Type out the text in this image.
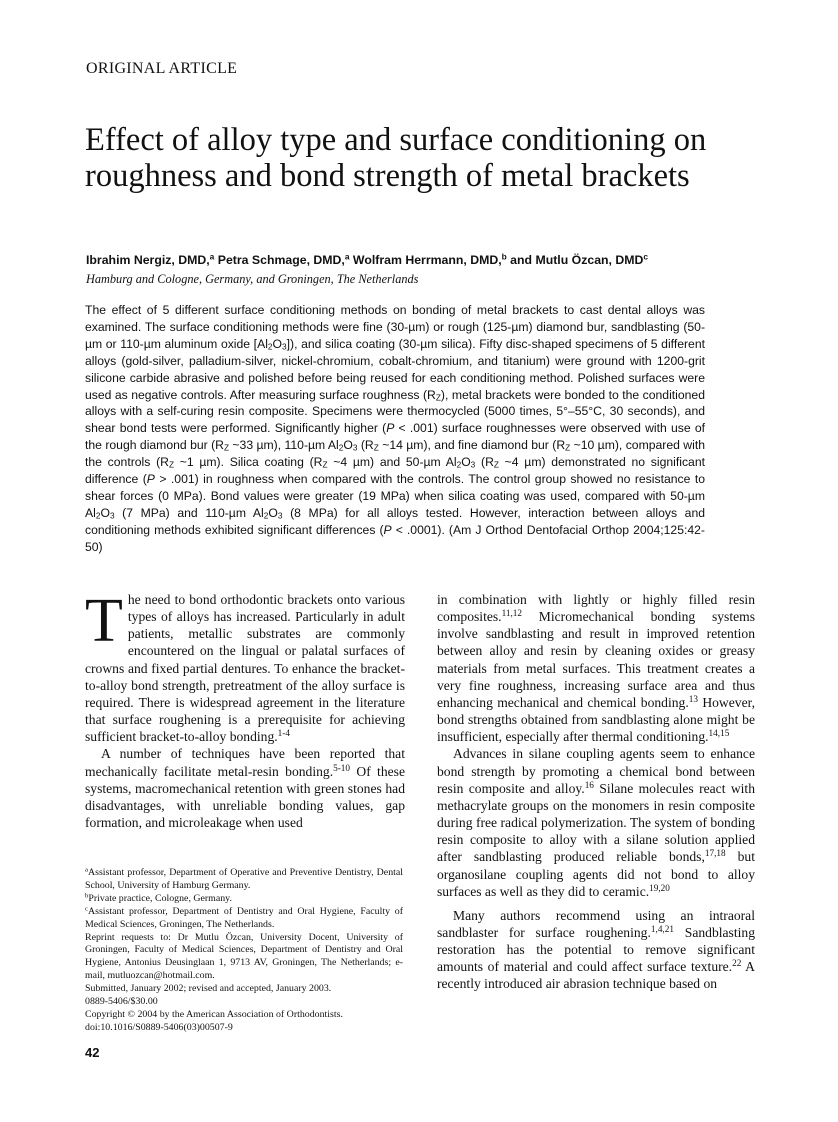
ORIGINAL ARTICLE
Effect of alloy type and surface conditioning on roughness and bond strength of metal brackets
Ibrahim Nergiz, DMD,$^a$ Petra Schmage, DMD,$^a$ Wolfram Herrmann, DMD,$^b$ and Mutlu Özcan, DMD$^c$
Hamburg and Cologne, Germany, and Groningen, The Netherlands

The effect of 5 different surface conditioning methods on bonding of metal brackets to cast dental alloys was examined. The surface conditioning methods were fine (30-µm) or rough (125-µm) diamond bur, sandblasting (50-µm or 110-µm aluminum oxide $[Al_2O_3]$), and silica coating (30-µm silica). Fifty disc-shaped specimens of 5 different alloys (gold-silver, palladium-silver, nickel-chromium, cobalt-chromium, and titanium) were ground with 1200-grit silicone carbide abrasive and polished before being reused for each conditioning method. Polished surfaces were used as negative controls. After measuring surface roughness $(R_Z)$, metal brackets were bonded to the conditioned alloys with a self-curing resin composite. Specimens were thermocycled (5000 times, 5°–55°C, 30 seconds), and shear bond tests were performed. Significantly higher (P < .001) surface roughnesses were observed with use of the rough diamond bur ($R_Z$ ~33 µm), 110-µm $Al_2O_3$ ($R_Z$ ~14 µm), and fine diamond bur ($R_Z$ ~10 µm), compared with the controls ($R_Z$ ~1 µm). Silica coating ($R_Z$ ~4 µm) and 50-µm $Al_2O_3$ ($R_Z$ ~4 µm) demonstrated no significant difference (P > .001) in roughness when compared with the controls. The control group showed no resistance to shear forces (0 MPa). Bond values were greater (19 MPa) when silica coating was used, compared with 50-µm $Al_2O_3$ (7 MPa) and 110-µm $Al_2O_3$ (8 MPa) for all alloys tested. However, interaction between alloys and conditioning methods exhibited significant differences (P < .0001). (Am J Orthod Dentofacial Orthop 2004;125:42-50)

The need to bond orthodontic brackets onto various types of alloys has increased. Particularly in adult patients, metallic substrates are commonly encountered on the lingual or palatal surfaces of crowns and fixed partial dentures. To enhance the bracket-to-alloy bond strength, pretreatment of the alloy surface is required. There is widespread agreement in the literature that surface roughening is a prerequisite for achieving sufficient bracket-to-alloy bonding.$^{1-4}$

A number of techniques have been reported that mechanically facilitate metal-resin bonding.$^{5-10}$ Of these systems, macromechanical retention with green stones had disadvantages, with unreliable bonding values, gap formation, and microleakage when used

in combination with lightly or highly filled resin composites.$^{11,12}$ Micromechanical bonding systems involve sandblasting and result in improved retention between alloy and resin by cleaning oxides or greasy materials from metal surfaces. This treatment creates a very fine roughness, increasing surface area and thus enhancing mechanical and chemical bonding.$^{13}$ However, bond strengths obtained from sandblasting alone might be insufficient, especially after thermal conditioning.$^{14,15}$

Advances in silane coupling agents seem to enhance bond strength by promoting a chemical bond between resin composite and alloy.$^{16}$ Silane molecules react with methacrylate groups on the monomers in resin composite during free radical polymerization. The system of bonding resin composite to alloy with a silane solution applied after sandblasting produced reliable bonds,$^{17,18}$ but organosilane coupling agents did not bond to alloy surfaces as well as they did to ceramic.$^{19,20}$

Many authors recommend using an intraoral sandblaster for surface roughening.$^{1,4,21}$ Sandblasting restoration has the potential to remove significant amounts of material and could affect surface texture.$^{22}$ A recently introduced air abrasion technique based on

$^a$Assistant professor, Department of Operative and Preventive Dentistry, Dental School, University of Hamburg Germany.

$^b$Private practice, Cologne, Germany.

$^c$Assistant professor, Department of Dentistry and Oral Hygiene, Faculty of Medical Sciences, Groningen, The Netherlands.

Reprint requests to: Dr Mutlu Özcan, University Docent, University of Groningen, Faculty of Medical Sciences, Department of Dentistry and Oral Hygiene, Antonius Deusinglaan 1, 9713 AV, Groningen, The Netherlands; e-mail, mutluozcan@hotmail.com.

Submitted, January 2002; revised and accepted, January 2003.

0889-5406/$30.00

Copyright © 2004 by the American Association of Orthodontists.

doi:10.1016/S0889-5406(03)00507-9

42
